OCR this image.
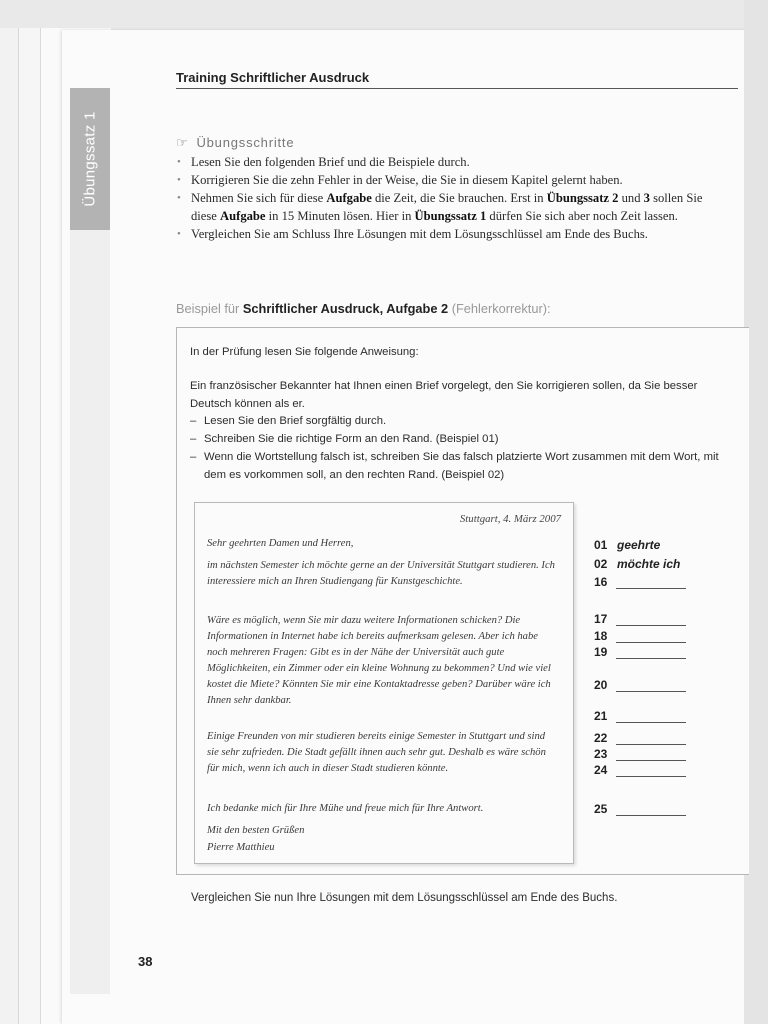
Übungssatz 1
Training Schriftlicher Ausdruck
☞ Übungsschritte
• Lesen Sie den folgenden Brief und die Beispiele durch.
• Korrigieren Sie die zehn Fehler in der Weise, die Sie in diesem Kapitel gelernt haben.
• Nehmen Sie sich für diese Aufgabe die Zeit, die Sie brauchen. Erst in Übungssatz 2 und 3 sollen Sie diese Aufgabe in 15 Minuten lösen. Hier in Übungssatz 1 dürfen Sie sich aber noch Zeit lassen.
• Vergleichen Sie am Schluss Ihre Lösungen mit dem Lösungsschlüssel am Ende des Buchs.
Beispiel für Schriftlicher Ausdruck, Aufgabe 2 (Fehlerkorrektur):
In der Prüfung lesen Sie folgende Anweisung:
Ein französischer Bekannter hat Ihnen einen Brief vorgelegt, den Sie korrigieren sollen, da Sie besser Deutsch können als er.
– Lesen Sie den Brief sorgfältig durch.
– Schreiben Sie die richtige Form an den Rand. (Beispiel 01)
– Wenn die Wortstellung falsch ist, schreiben Sie das falsch platzierte Wort zusammen mit dem Wort, mit dem es vorkommen soll, an den rechten Rand. (Beispiel 02)
Stuttgart, 4. März 2007
Sehr geehrten Damen und Herren,
im nächsten Semester ich möchte gerne an der Universität Stuttgart studieren. Ich interessiere mich an Ihren Studiengang für Kunstgeschichte.
Wäre es möglich, wenn Sie mir dazu weitere Informationen schicken? Die Informationen in Internet habe ich bereits aufmerksam gelesen. Aber ich habe noch mehreren Fragen: Gibt es in der Nähe der Universität auch gute Möglichkeiten, ein Zimmer oder ein kleine Wohnung zu bekommen? Und wie viel kostet die Miete? Könnten Sie mir eine Kontaktadresse geben? Darüber wäre ich Ihnen sehr dankbar.
Einige Freunden von mir studieren bereits einige Semester in Stuttgart und sind sie sehr zufrieden. Die Stadt gefällt ihnen auch sehr gut. Deshalb es wäre schön für mich, wenn ich auch in dieser Stadt studieren könnte.
Ich bedanke mich für Ihre Mühe und freue mich für Ihre Antwort.
Mit den besten Grüßen
Pierre Matthieu
01 geehrte
02 möchte ich
16
17
18
19
20
21
22
23
24
25
Vergleichen Sie nun Ihre Lösungen mit dem Lösungsschlüssel am Ende des Buchs.
38
